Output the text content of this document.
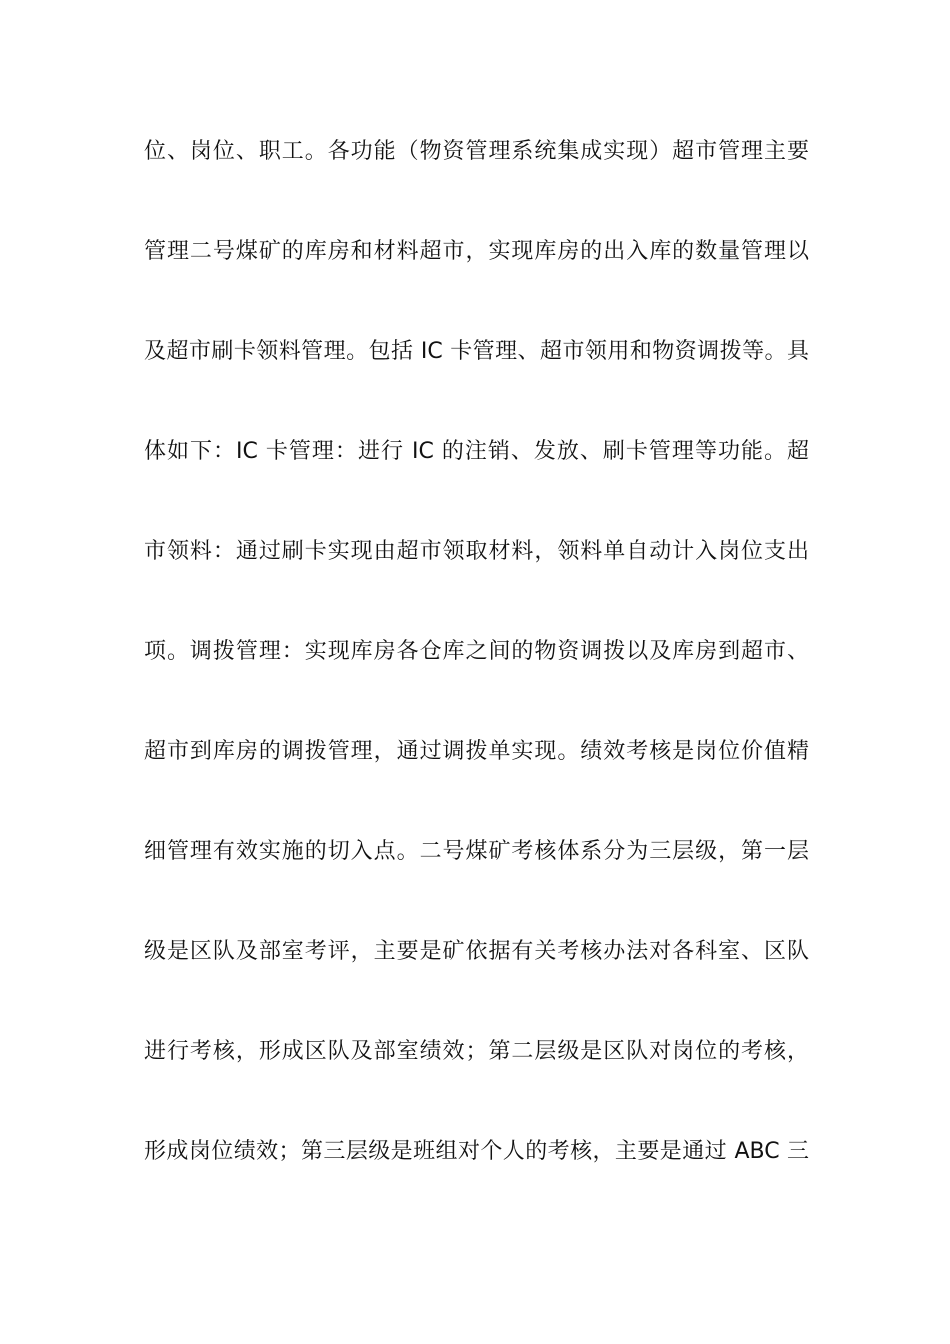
位、岗位、职工。各功能（物资管理系统集成实现）超市管理主要
管理二号煤矿的库房和材料超市，实现库房的出入库的数量管理以
及超市刷卡领料管理。包括 IC 卡管理、超市领用和物资调拨等。具
体如下：IC 卡管理：进行 IC 的注销、发放、刷卡管理等功能。超
市领料：通过刷卡实现由超市领取材料，领料单自动计入岗位支出
项。调拨管理：实现库房各仓库之间的物资调拨以及库房到超市、
超市到库房的调拨管理，通过调拨单实现。绩效考核是岗位价值精
细管理有效实施的切入点。二号煤矿考核体系分为三层级，第一层
级是区队及部室考评，主要是矿依据有关考核办法对各科室、区队
进行考核，形成区队及部室绩效；第二层级是区队对岗位的考核，
形成岗位绩效；第三层级是班组对个人的考核，主要是通过 ABC 三
